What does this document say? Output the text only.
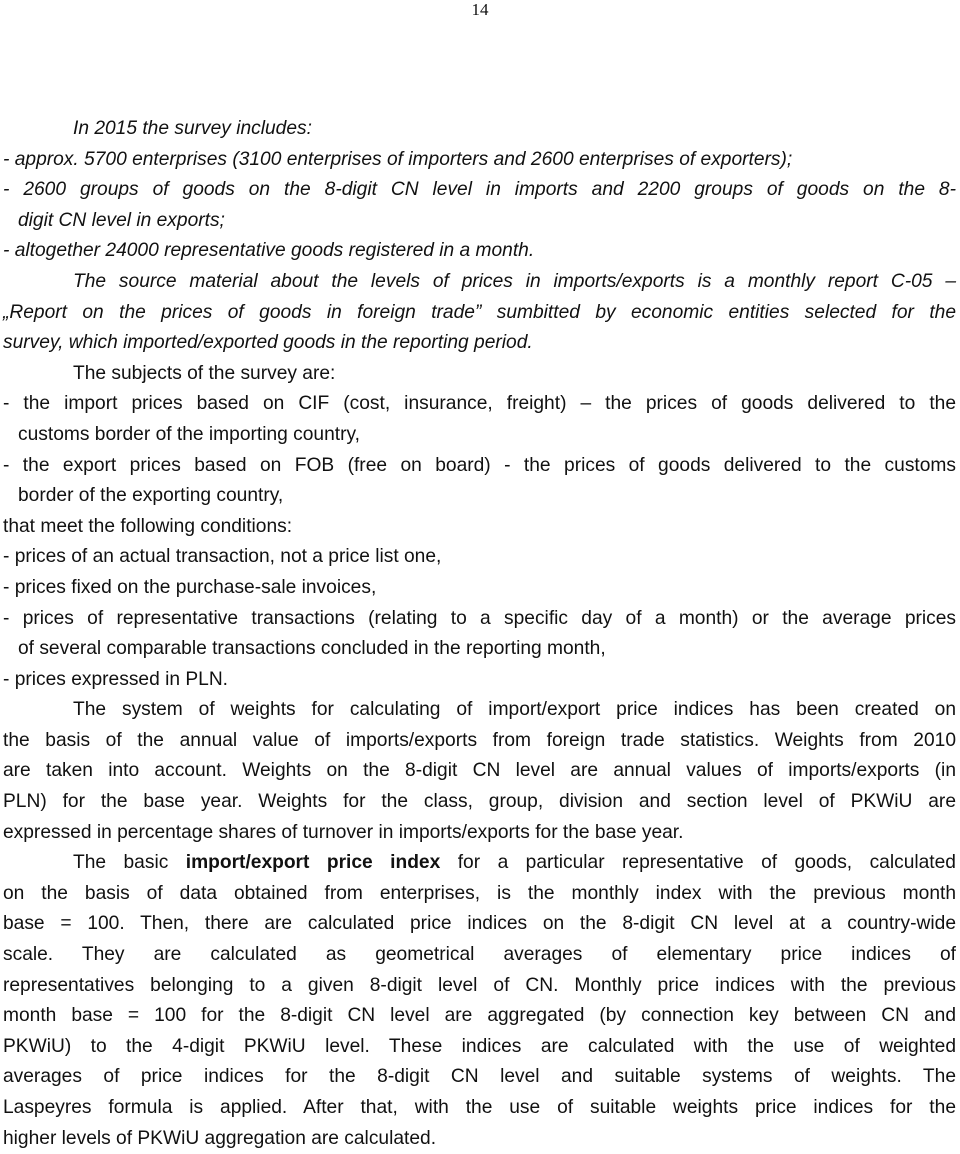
14
In 2015 the survey includes:
- approx. 5700 enterprises (3100 enterprises of importers and 2600 enterprises of exporters);
- 2600 groups of goods on the 8-digit CN level in imports and 2200 groups of goods on the 8-
digit CN level in exports;
- altogether 24000 representative goods registered in a month.
The source material about the levels of prices in imports/exports is a monthly report C-05 –
„Report on the prices of goods in foreign trade” sumbitted by economic entities selected for the
survey, which imported/exported goods in the reporting period.
The subjects of the survey are:
- the import prices based on CIF (cost, insurance, freight) – the prices of goods delivered to the
customs border of the importing country,
- the export prices based on FOB (free on board) - the prices of goods delivered to the customs
border of the exporting country,
that meet the following conditions:
- prices of an actual transaction, not a price list one,
- prices fixed on the purchase-sale invoices,
- prices of representative transactions (relating to a specific day of a month) or the average prices
of several comparable transactions concluded in the reporting month,
- prices expressed in PLN.
The system of weights for calculating of import/export price indices has been created on
the basis of the annual value of imports/exports from foreign trade statistics. Weights from 2010
are taken into account. Weights on the 8-digit CN level are annual values of imports/exports (in
PLN) for the base year. Weights for the class, group, division and section level of PKWiU are
expressed in percentage shares of turnover in imports/exports for the base year.
The basic import/export price index for a particular representative of goods, calculated
on the basis of data obtained from enterprises, is the monthly index with the previous month
base = 100. Then, there are calculated price indices on the 8-digit CN level at a country-wide
scale. They are calculated as geometrical averages of elementary price indices of
representatives belonging to a given 8-digit level of CN. Monthly price indices with the previous
month base = 100 for the 8-digit CN level are aggregated (by connection key between CN and
PKWiU) to the 4-digit PKWiU level. These indices are calculated with the use of weighted
averages of price indices for the 8-digit CN level and suitable systems of weights. The
Laspeyres formula is applied. After that, with the use of suitable weights price indices for the
higher levels of PKWiU aggregation are calculated.
